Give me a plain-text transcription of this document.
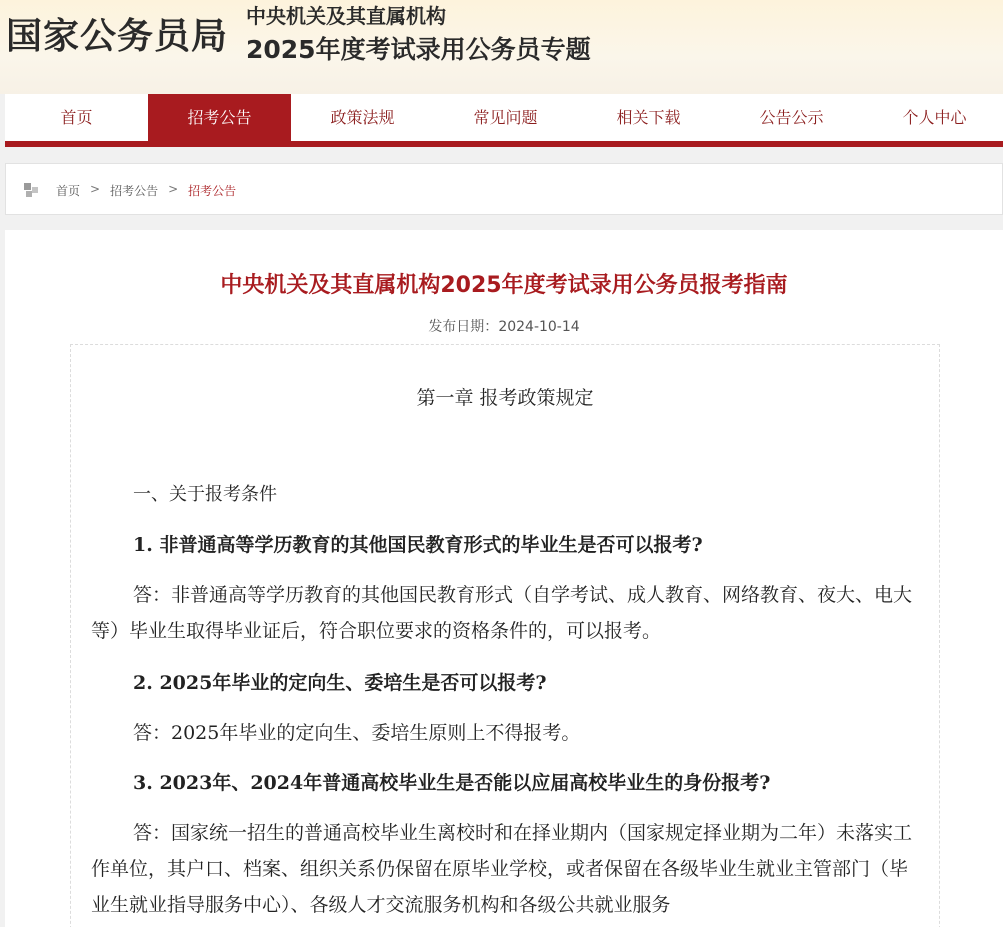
国家公务员局 中央机关及其直属机构
2025年度考试录用公务员专题
首页	招考公告	政策法规	常见问题	相关下载	公告公示	个人中心
首页 > 招考公告 > 招考公告
中央机关及其直属机构2025年度考试录用公务员报考指南
发布日期：2024-10-14
第一章 报考政策规定
一、关于报考条件
1. 非普通高等学历教育的其他国民教育形式的毕业生是否可以报考?
答：非普通高等学历教育的其他国民教育形式（自学考试、成人教育、网络教育、夜大、电大等）毕业生取得毕业证后，符合职位要求的资格条件的，可以报考。
2. 2025年毕业的定向生、委培生是否可以报考?
答：2025年毕业的定向生、委培生原则上不得报考。
3. 2023年、2024年普通高校毕业生是否能以应届高校毕业生的身份报考?
答：国家统一招生的普通高校毕业生离校时和在择业期内（国家规定择业期为二年）未落实工作单位，其户口、档案、组织关系仍保留在原毕业学校，或者保留在各级毕业生就业主管部门（毕业生就业指导服务中心）、各级人才交流服务机构和各级公共就业服务
